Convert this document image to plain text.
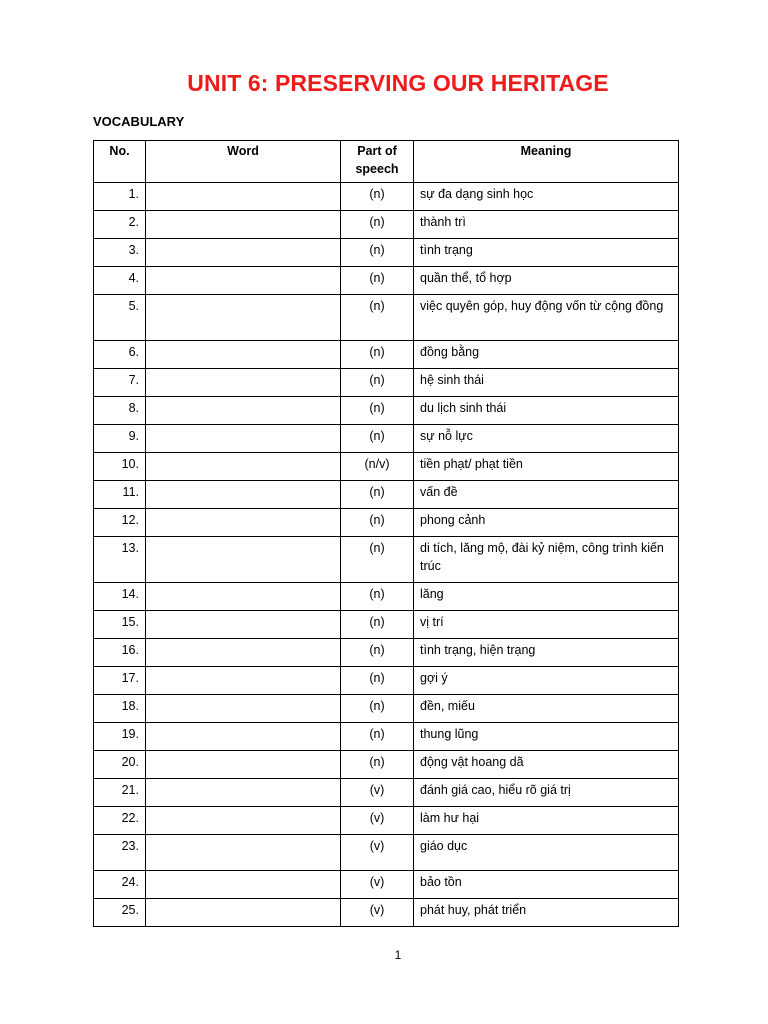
UNIT 6: PRESERVING OUR HERITAGE
VOCABULARY
No.	Word	Part of speech	Meaning
1.		(n)	sự đa dạng sinh học
2.		(n)	thành trì
3.		(n)	tình trạng
4.		(n)	quần thể, tổ hợp
5.		(n)	việc quyên góp, huy động vốn từ cộng đồng
6.		(n)	đồng bằng
7.		(n)	hệ sinh thái
8.		(n)	du lịch sinh thái
9.		(n)	sự nỗ lực
10.		(n/v)	tiền phạt/ phạt tiền
11.		(n)	vấn đề
12.		(n)	phong cảnh
13.		(n)	di tích, lăng mộ, đài kỷ niệm, công trình kiến trúc
14.		(n)	lăng
15.		(n)	vị trí
16.		(n)	tình trạng, hiện trạng
17.		(n)	gợi ý
18.		(n)	đền, miếu
19.		(n)	thung lũng
20.		(n)	động vật hoang dã
21.		(v)	đánh giá cao, hiểu rõ giá trị
22.		(v)	làm hư hại
23.		(v)	giáo dục
24.		(v)	bảo tồn
25.		(v)	phát huy, phát triển
1
